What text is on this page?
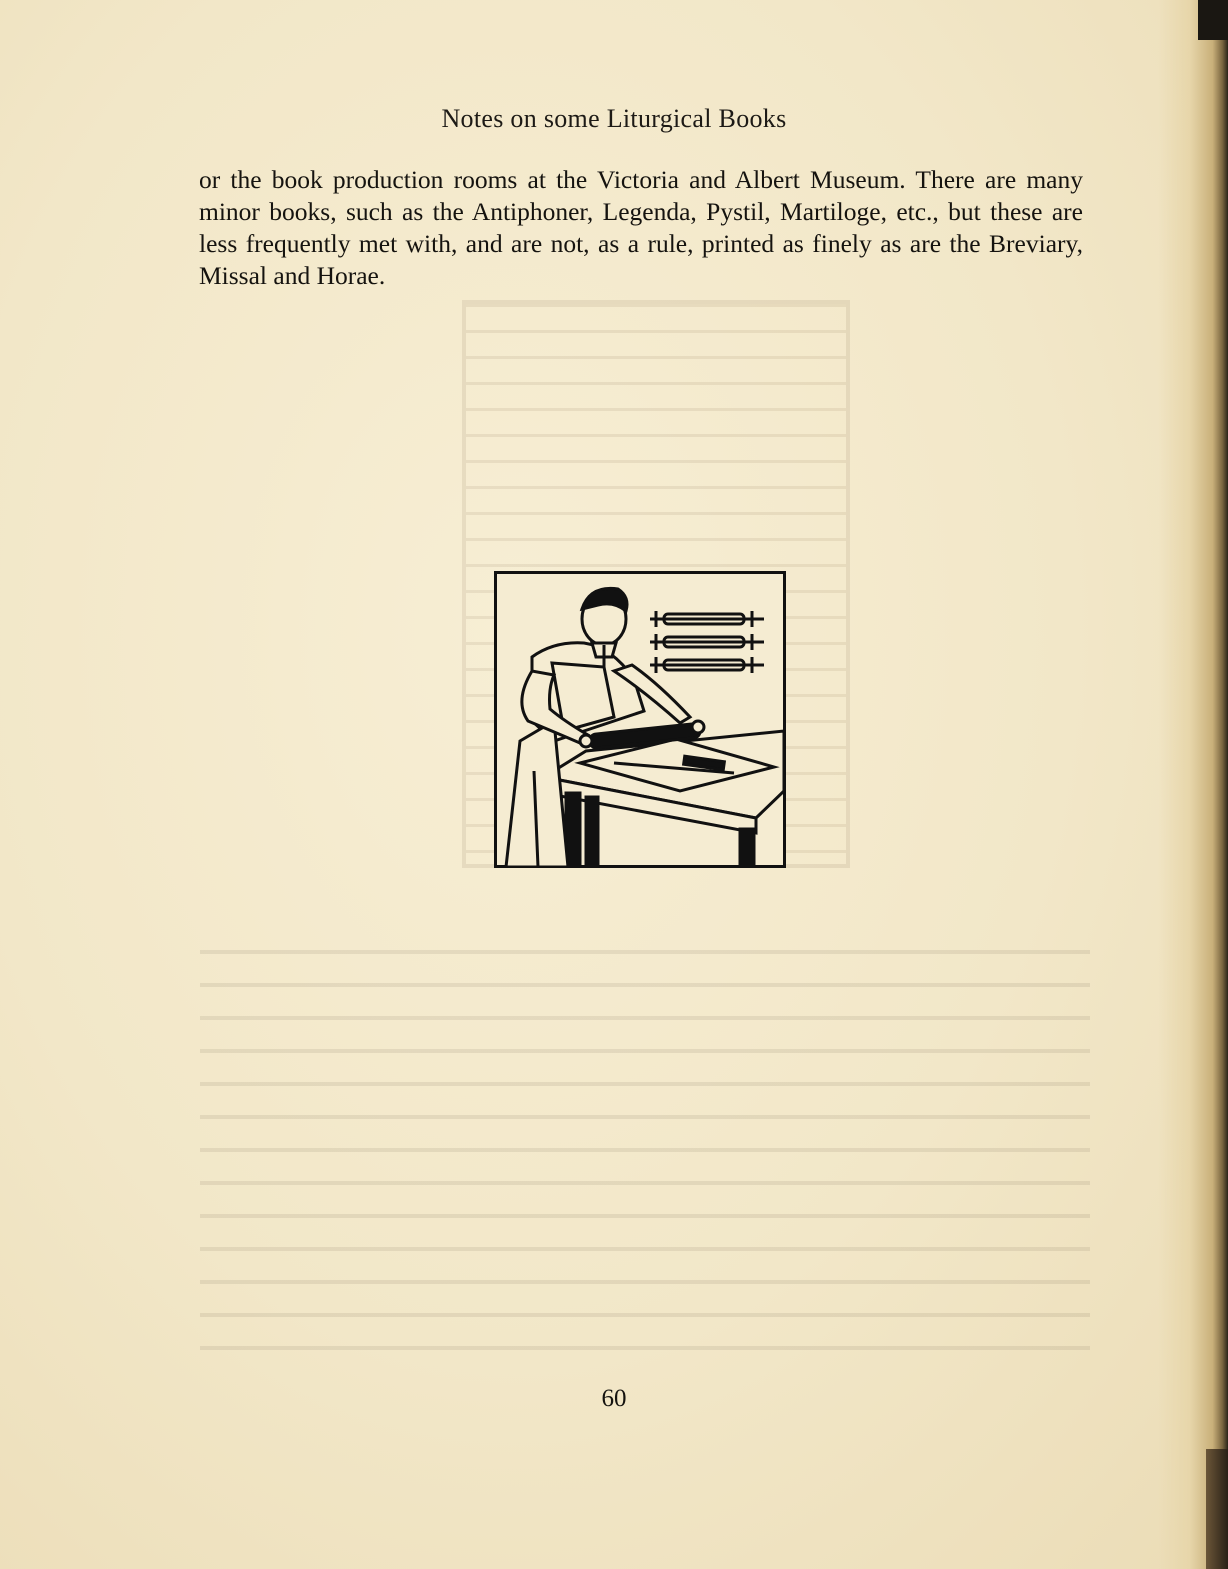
Notes on some Liturgical Books

or the book production rooms at the Victoria and Albert Museum. There are many minor books, such as the Antiphoner, Legenda, Pystil, Martiloge, etc., but these are less frequently met with, and are not, as a rule, printed as finely as are the Breviary, Missal and Horae.

60
